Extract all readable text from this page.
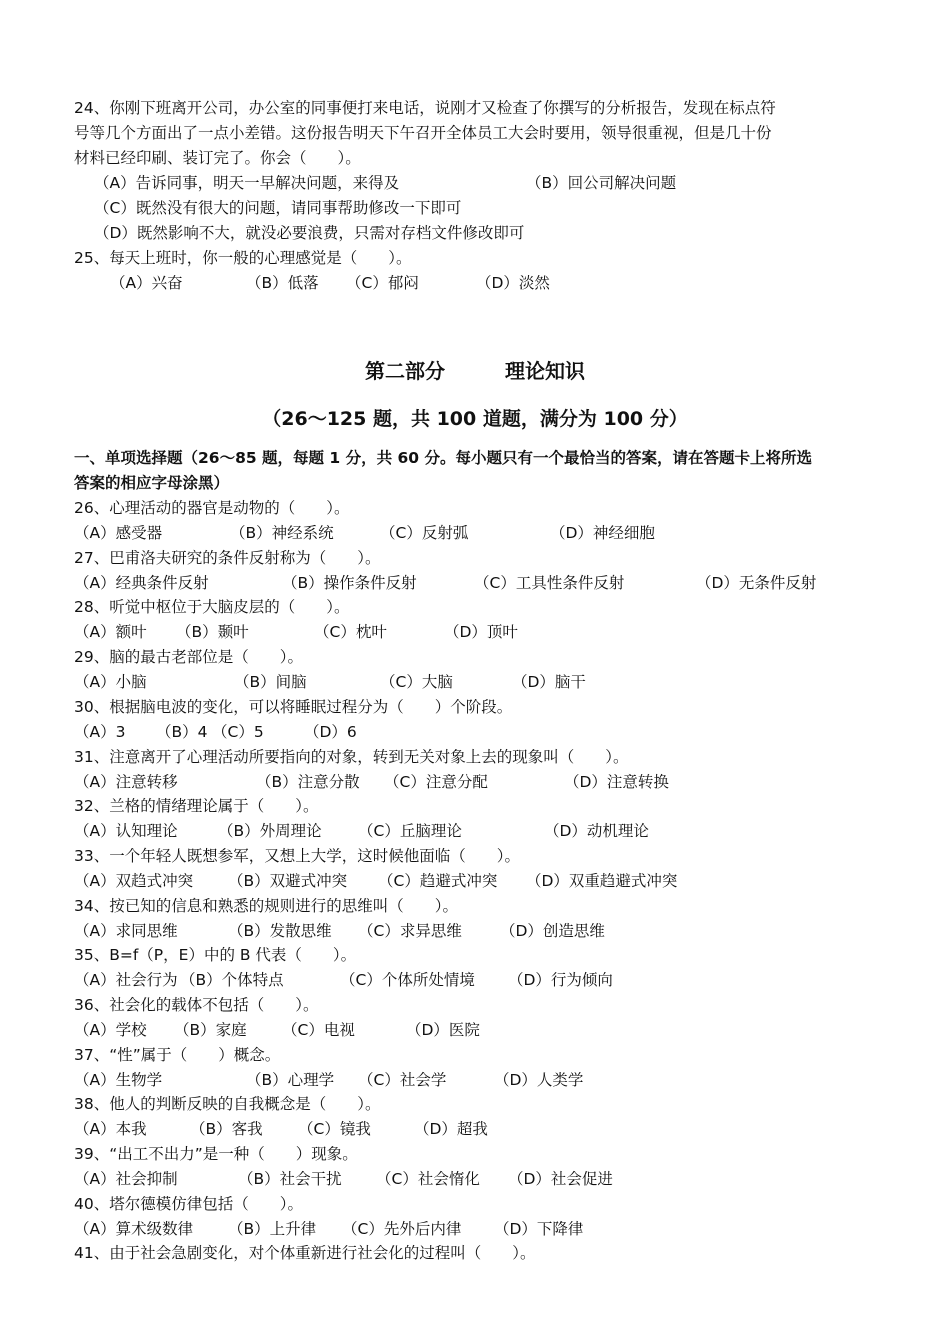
24、你刚下班离开公司，办公室的同事便打来电话，说刚才又检查了你撰写的分析报告，发现在标点符
号等几个方面出了一点小差错。这份报告明天下午召开全体员工大会时要用，领导很重视，但是几十份
材料已经印刷、装订完了。你会（　　）。
（A）告诉同事，明天一早解决问题，来得及	（B）回公司解决问题
（C）既然没有很大的问题，请同事帮助修改一下即可
（D）既然影响不大，就没必要浪费，只需对存档文件修改即可
25、每天上班时，你一般的心理感觉是（　　）。
（A）兴奋	（B）低落 （C）郁闷	（D）淡然
第二部分　　　理论知识
（26～125 题，共 100 道题，满分为 100 分）
一、单项选择题（26～85 题，每题 1 分，共 60 分。每小题只有一个最恰当的答案，请在答题卡上将所选
答案的相应字母涂黑）
26、心理活动的器官是动物的（　　）。
（A）感受器	（B）神经系统	（C）反射弧	（D）神经细胞
27、巴甫洛夫研究的条件反射称为（　　）。
（A）经典条件反射	（B）操作条件反射	（C）工具性条件反射	（D）无条件反射
28、听觉中枢位于大脑皮层的（　　）。
（A）额叶 （B）颞叶	（C）枕叶	（D）顶叶
29、脑的最古老部位是（　　）。
（A）小脑	（B）间脑	（C）大脑	（D）脑干
30、根据脑电波的变化，可以将睡眠过程分为（　　）个阶段。
（A）3 （B）4 （C）5	（D）6
31、注意离开了心理活动所要指向的对象，转到无关对象上去的现象叫（　　）。
（A）注意转移	（B）注意分散 （C）注意分配	（D）注意转换
32、兰格的情绪理论属于（　　）。
（A）认知理论	（B）外周理论 （C）丘脑理论	（D）动机理论
33、一个年轻人既想参军，又想上大学，这时候他面临（　　）。
（A）双趋式冲突 （B）双避式冲突 （C）趋避式冲突 （D）双重趋避式冲突
34、按已知的信息和熟悉的规则进行的思维叫（　　）。
（A）求同思维	（B）发散思维 （C）求异思维 （D）创造思维
35、B=f（P，E）中的 B 代表（　　）。
（A）社会行为 （B）个体特点	（C）个体所处情境 （D）行为倾向
36、社会化的载体不包括（　　）。
（A）学校 （B）家庭 （C）电视	（D）医院
37、“性”属于（　　）概念。
（A）生物学	（B）心理学 （C）社会学	（D）人类学
38、他人的判断反映的自我概念是（　　）。
（A）本我	（B）客我 （C）镜我	（D）超我
39、“出工不出力”是一种（　　）现象。
（A）社会抑制	（B）社会干扰 （C）社会惰化 （D）社会促进
40、塔尔德模仿律包括（　　）。
（A）算术级数律 （B）上升律 （C）先外后内律 （D）下降律
41、由于社会急剧变化，对个体重新进行社会化的过程叫（　　）。
